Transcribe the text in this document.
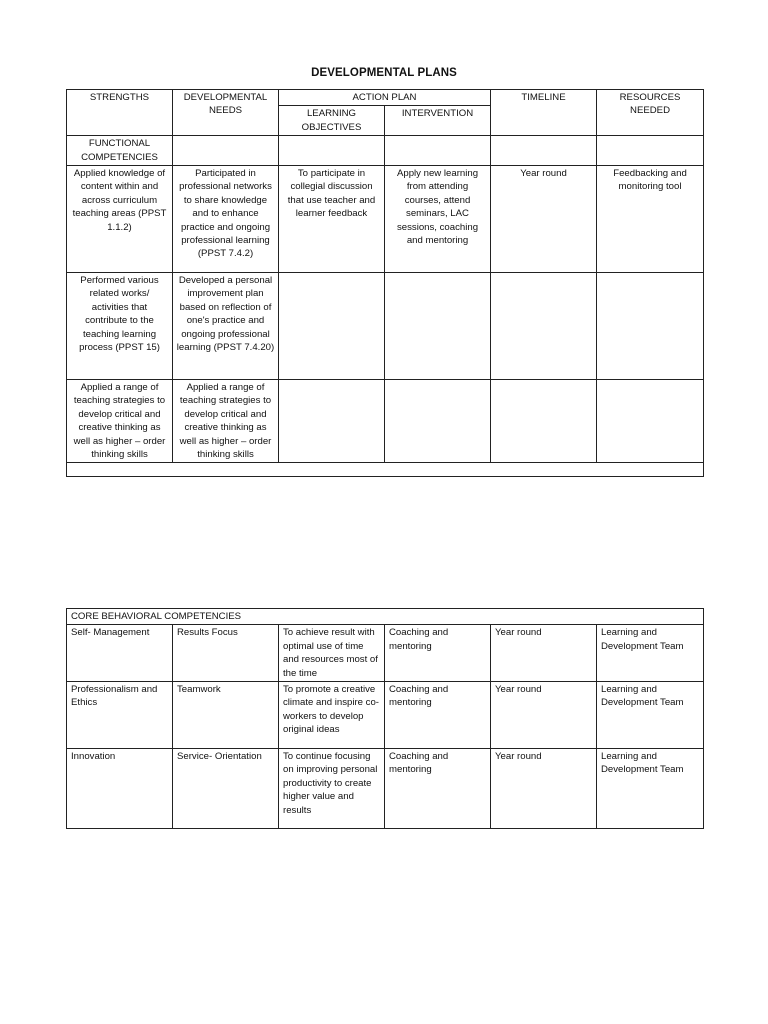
DEVELOPMENTAL PLANS
STRENGTHS	DEVELOPMENTAL NEEDS	ACTION PLAN		TIMELINE	RESOURCES NEEDED
		LEARNING OBJECTIVES	INTERVENTION		
FUNCTIONAL COMPETENCIES					
Applied knowledge of content within and across curriculum teaching areas (PPST 1.1.2)	Participated in professional networks to share knowledge and to enhance practice and ongoing professional learning (PPST 7.4.2)	To participate in collegial discussion that use teacher and learner feedback	Apply new learning from attending courses, attend seminars, LAC sessions, coaching and mentoring	Year round	Feedbacking and monitoring tool
Performed various related works/ activities that contribute to the teaching learning process (PPST 15)	Developed a personal improvement plan based on reflection of one's practice and ongoing professional learning (PPST 7.4.20)				
Applied a range of teaching strategies to develop critical and creative thinking as well as higher – order thinking skills	Applied a range of teaching strategies to develop critical and creative thinking as well as higher – order thinking skills				

CORE BEHAVIORAL COMPETENCIES					
Self- Management	Results Focus	To achieve result with optimal use of time and resources most of the time	Coaching and mentoring	Year round	Learning and Development Team
Professionalism and Ethics	Teamwork	To promote a creative climate and inspire co- workers to develop original ideas	Coaching and mentoring	Year round	Learning and Development Team
Innovation	Service- Orientation	To continue focusing on improving personal productivity to create higher value and results	Coaching and mentoring	Year round	Learning and Development Team
